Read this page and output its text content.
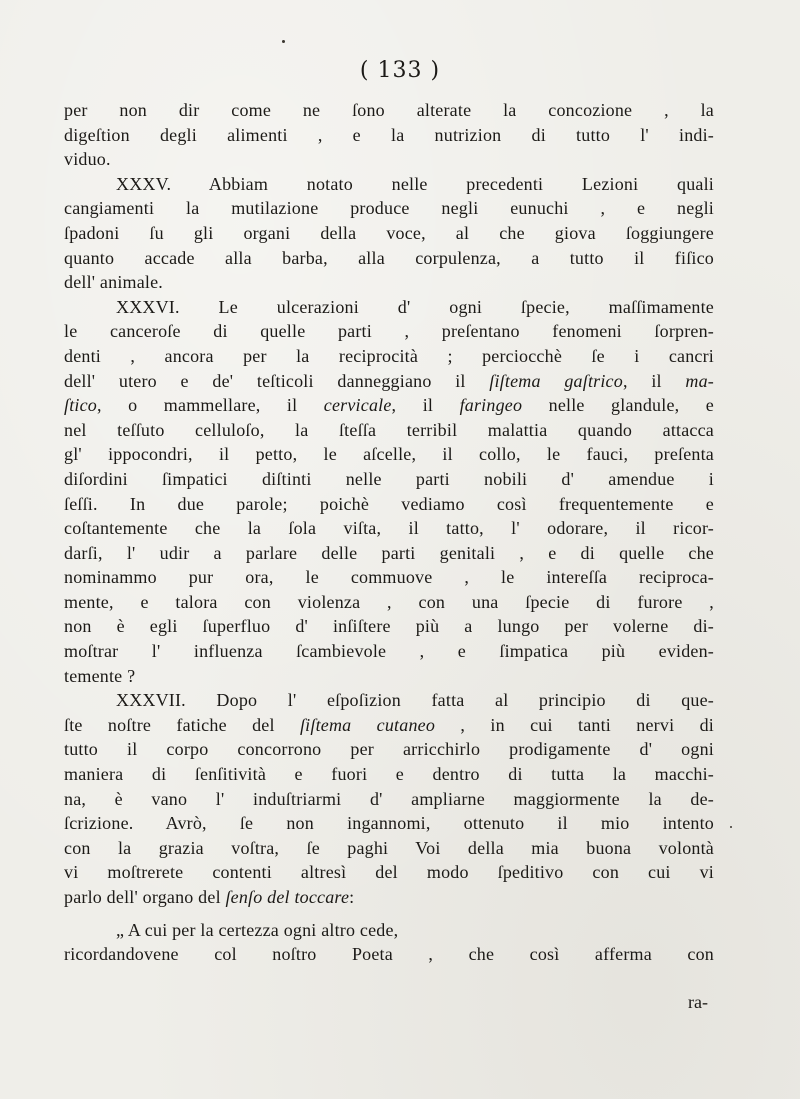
( 133 )
per non dir come ne ſono alterate la concozione , la
digeſtion degli alimenti , e la nutrizion di tutto l' indi-
viduo.
XXXV. Abbiam notato nelle precedenti Lezioni quali
cangiamenti la mutilazione produce negli eunuchi , e negli
ſpadoni ſu gli organi della voce, al che giova ſoggiungere
quanto accade alla barba, alla corpulenza, a tutto il fiſico
dell' animale.
XXXVI. Le ulcerazioni d' ogni ſpecie, maſſimamente
le canceroſe di quelle parti , preſentano fenomeni ſorpren-
denti , ancora per la reciprocità ; perciocchè ſe i cancri
dell' utero e de' teſticoli danneggiano il ſiſtema gaſtrico, il ma-
ſtico, o mammellare, il cervicale, il faringeo nelle glandule, e
nel teſſuto celluloſo, la ſteſſa terribil malattia quando attacca
gl' ippocondri, il petto, le aſcelle, il collo, le fauci, preſenta
diſordini ſimpatici diſtinti nelle parti nobili d' amendue i
ſeſſi. In due parole; poichè vediamo così frequentemente e
coſtantemente che la ſola viſta, il tatto, l' odorare, il ricor-
darſi, l' udir a parlare delle parti genitali , e di quelle che
nominammo pur ora, le commuove , le intereſſa reciproca-
mente, e talora con violenza , con una ſpecie di furore ,
non è egli ſuperfluo d' inſiſtere più a lungo per volerne di-
moſtrar l' influenza ſcambievole , e ſimpatica più eviden-
temente ?
XXXVII. Dopo l' eſpoſizion fatta al principio di que-
ſte noſtre fatiche del ſiſtema cutaneo , in cui tanti nervi di
tutto il corpo concorrono per arricchirlo prodigamente d' ogni
maniera di ſenſitività e fuori e dentro di tutta la macchi-
na, è vano l' induſtriarmi d' ampliarne maggiormente la de-
ſcrizione. Avrò, ſe non ingannomi, ottenuto il mio intento
con la grazia voſtra, ſe paghi Voi della mia buona volontà
vi moſtrerete contenti altresì del modo ſpeditivo con cui vi
parlo dell' organo del ſenſo del toccare:
„ A cui per la certezza ogni altro cede,
ricordandovene col noſtro Poeta , che così afferma con
ra-
